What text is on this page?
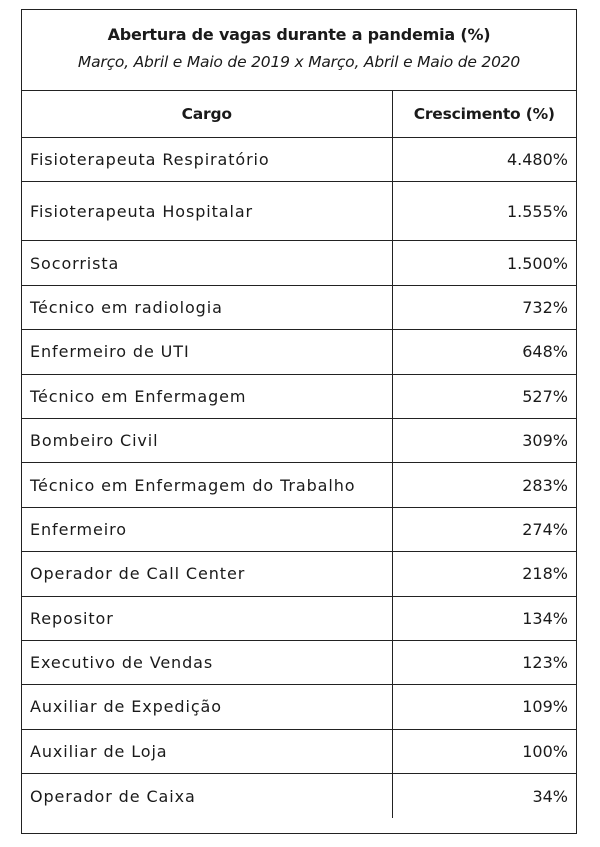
Abertura de vagas durante a pandemia (%)
Março, Abril e Maio de 2019 x Março, Abril e Maio de 2020
Cargo	Crescimento (%)
Fisioterapeuta Respiratório	4.480%
Fisioterapeuta Hospitalar	1.555%
Socorrista	1.500%
Técnico em radiologia	732%
Enfermeiro de UTI	648%
Técnico em Enfermagem	527%
Bombeiro Civil	309%
Técnico em Enfermagem do Trabalho	283%
Enfermeiro	274%
Operador de Call Center	218%
Repositor	134%
Executivo de Vendas	123%
Auxiliar de Expedição	109%
Auxiliar de Loja	100%
Operador de Caixa	34%
